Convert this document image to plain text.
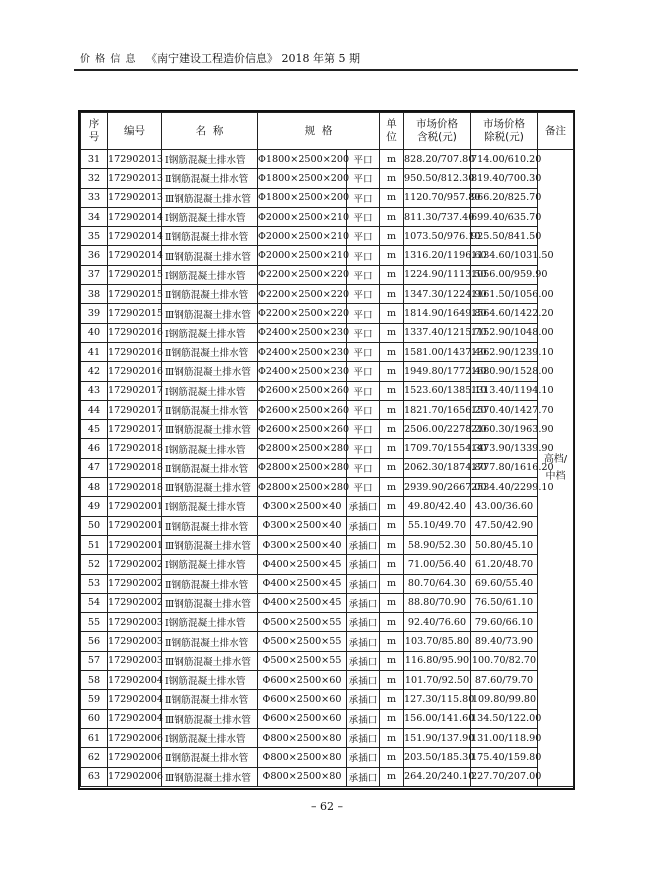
价 格 信 息 《南宁建设工程造价信息》 2018 年第 5 期
序号	编号	名  称	规  格		单位	市场价格含税(元)	市场价格除税(元)	备注
31	172902013	Ⅰ钢筋混凝土排水管	Φ1800×2500×200	平口	m	828.20/707.80	714.00/610.20	高档/中档
32	172902013	Ⅱ钢筋混凝土排水管	Φ1800×2500×200	平口	m	950.50/812.30	819.40/700.30	
33	172902013	Ⅲ钢筋混凝土排水管	Φ1800×2500×200	平口	m	1120.70/957.80	966.20/825.70	
34	172902014	Ⅰ钢筋混凝土排水管	Φ2000×2500×210	平口	m	811.30/737.40	699.40/635.70	
35	172902014	Ⅱ钢筋混凝土排水管	Φ2000×2500×210	平口	m	1073.50/976.10	925.50/841.50	
36	172902014	Ⅲ钢筋混凝土排水管	Φ2000×2500×210	平口	m	1316.20/1196.60	1134.60/1031.50	
37	172902015	Ⅰ钢筋混凝土排水管	Φ2200×2500×220	平口	m	1224.90/1113.50	1056.00/959.90	
38	172902015	Ⅱ钢筋混凝土排水管	Φ2200×2500×220	平口	m	1347.30/1224.90	1161.50/1056.00	
39	172902015	Ⅲ钢筋混凝土排水管	Φ2200×2500×220	平口	m	1814.90/1649.80	1564.60/1422.20	
40	172902016	Ⅰ钢筋混凝土排水管	Φ2400×2500×230	平口	m	1337.40/1215.70	1152.90/1048.00	
41	172902016	Ⅱ钢筋混凝土排水管	Φ2400×2500×230	平口	m	1581.00/1437.40	1362.90/1239.10	
42	172902016	Ⅲ钢筋混凝土排水管	Φ2400×2500×230	平口	m	1949.80/1772.40	1680.90/1528.00	
43	172902017	Ⅰ钢筋混凝土排水管	Φ2600×2500×260	平口	m	1523.60/1385.10	1313.40/1194.10	
44	172902017	Ⅱ钢筋混凝土排水管	Φ2600×2500×260	平口	m	1821.70/1656.20	1570.40/1427.70	
45	172902017	Ⅲ钢筋混凝土排水管	Φ2600×2500×260	平口	m	2506.00/2278.20	2160.30/1963.90	
46	172902018	Ⅰ钢筋混凝土排水管	Φ2800×2500×280	平口	m	1709.70/1554.30	1473.90/1339.90	
47	172902018	Ⅱ钢筋混凝土排水管	Φ2800×2500×280	平口	m	2062.30/1874.80	1777.80/1616.20	
48	172902018	Ⅲ钢筋混凝土排水管	Φ2800×2500×280	平口	m	2939.90/2667.00	2534.40/2299.10	
49	172902001	Ⅰ钢筋混凝土排水管	Φ300×2500×40	承插口	m	49.80/42.40	43.00/36.60	
50	172902001	Ⅱ钢筋混凝土排水管	Φ300×2500×40	承插口	m	55.10/49.70	47.50/42.90	
51	172902001	Ⅲ钢筋混凝土排水管	Φ300×2500×40	承插口	m	58.90/52.30	50.80/45.10	
52	172902002	Ⅰ钢筋混凝土排水管	Φ400×2500×45	承插口	m	71.00/56.40	61.20/48.70	
53	172902002	Ⅱ钢筋混凝土排水管	Φ400×2500×45	承插口	m	80.70/64.30	69.60/55.40	
54	172902002	Ⅲ钢筋混凝土排水管	Φ400×2500×45	承插口	m	88.80/70.90	76.50/61.10	
55	172902003	Ⅰ钢筋混凝土排水管	Φ500×2500×55	承插口	m	92.40/76.60	79.60/66.10	
56	172902003	Ⅱ钢筋混凝土排水管	Φ500×2500×55	承插口	m	103.70/85.80	89.40/73.90	
57	172902003	Ⅲ钢筋混凝土排水管	Φ500×2500×55	承插口	m	116.80/95.90	100.70/82.70	
58	172902004	Ⅰ钢筋混凝土排水管	Φ600×2500×60	承插口	m	101.70/92.50	87.60/79.70	
59	172902004	Ⅱ钢筋混凝土排水管	Φ600×2500×60	承插口	m	127.30/115.80	109.80/99.80	
60	172902004	Ⅲ钢筋混凝土排水管	Φ600×2500×60	承插口	m	156.00/141.60	134.50/122.00	
61	172902006	Ⅰ钢筋混凝土排水管	Φ800×2500×80	承插口	m	151.90/137.90	131.00/118.90	
62	172902006	Ⅱ钢筋混凝土排水管	Φ800×2500×80	承插口	m	203.50/185.30	175.40/159.80	
63	172902006	Ⅲ钢筋混凝土排水管	Φ800×2500×80	承插口	m	264.20/240.10	227.70/207.00	
– 62 –
